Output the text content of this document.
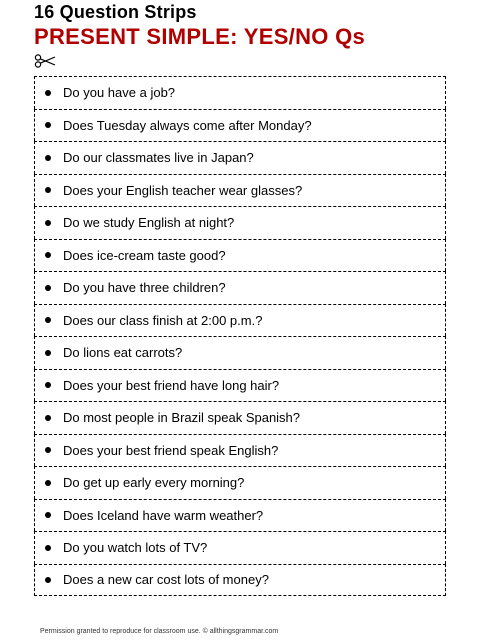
16 Question Strips
PRESENT SIMPLE: YES/NO Qs
Do you have a job?
Does Tuesday always come after Monday?
Do our classmates live in Japan?
Does your English teacher wear glasses?
Do we study English at night?
Does ice-cream taste good?
Do you have three children?
Does our class finish at 2:00 p.m.?
Do lions eat carrots?
Does your best friend have long hair?
Do most people in Brazil speak Spanish?
Does your best friend speak English?
Do get up early every morning?
Does Iceland have warm weather?
Do you watch lots of TV?
Does a new car cost lots of money?
Permission granted to reproduce for classroom use. © allthingsgrammar.com
